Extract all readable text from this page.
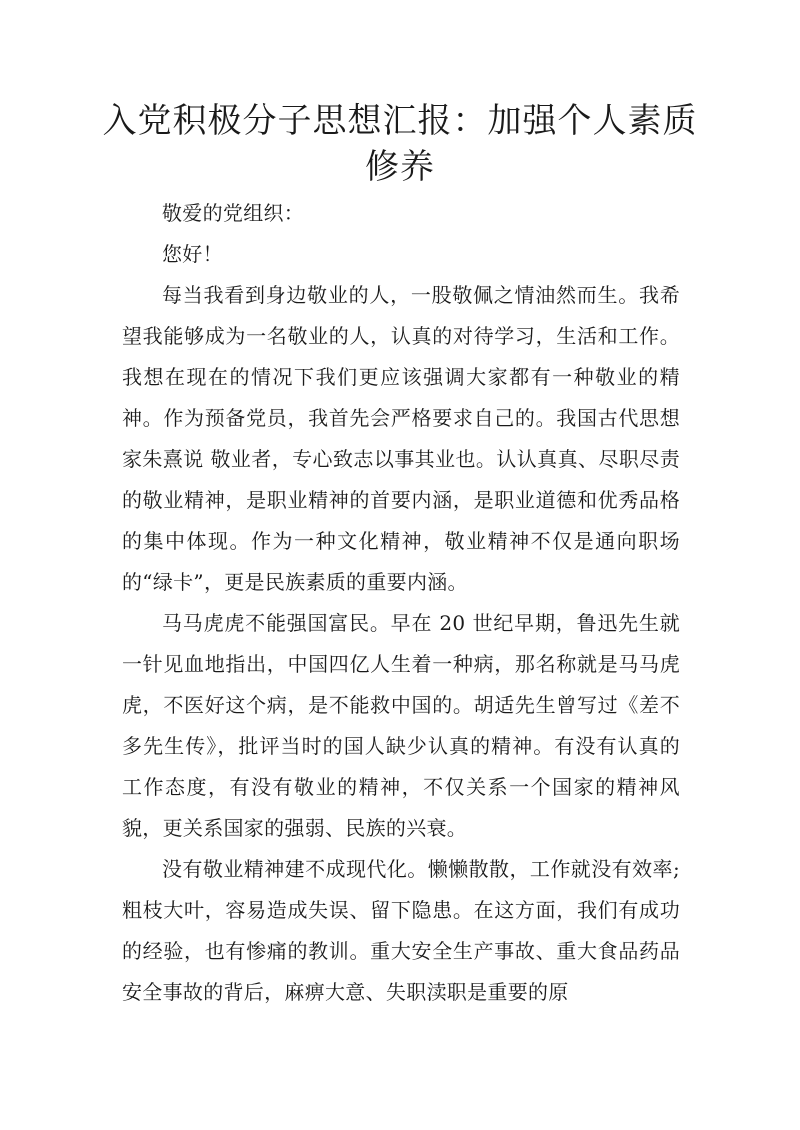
入党积极分子思想汇报：加强个人素质修养

敬爱的党组织：

您好！

每当我看到身边敬业的人，一股敬佩之情油然而生。我希望我能够成为一名敬业的人，认真的对待学习，生活和工作。我想在现在的情况下我们更应该强调大家都有一种敬业的精神。作为预备党员，我首先会严格要求自己的。我国古代思想家朱熹说 敬业者，专心致志以事其业也。认认真真、尽职尽责的敬业精神，是职业精神的首要内涵，是职业道德和优秀品格的集中体现。作为一种文化精神，敬业精神不仅是通向职场的“绿卡”，更是民族素质的重要内涵。

马马虎虎不能强国富民。早在 20 世纪早期，鲁迅先生就一针见血地指出，中国四亿人生着一种病，那名称就是马马虎虎，不医好这个病，是不能救中国的。胡适先生曾写过《差不多先生传》，批评当时的国人缺少认真的精神。有没有认真的工作态度，有没有敬业的精神，不仅关系一个国家的精神风貌，更关系国家的强弱、民族的兴衰。

没有敬业精神建不成现代化。懒懒散散，工作就没有效率;粗枝大叶，容易造成失误、留下隐患。在这方面，我们有成功的经验，也有惨痛的教训。重大安全生产事故、重大食品药品安全事故的背后，麻痹大意、失职渎职是重要的原
